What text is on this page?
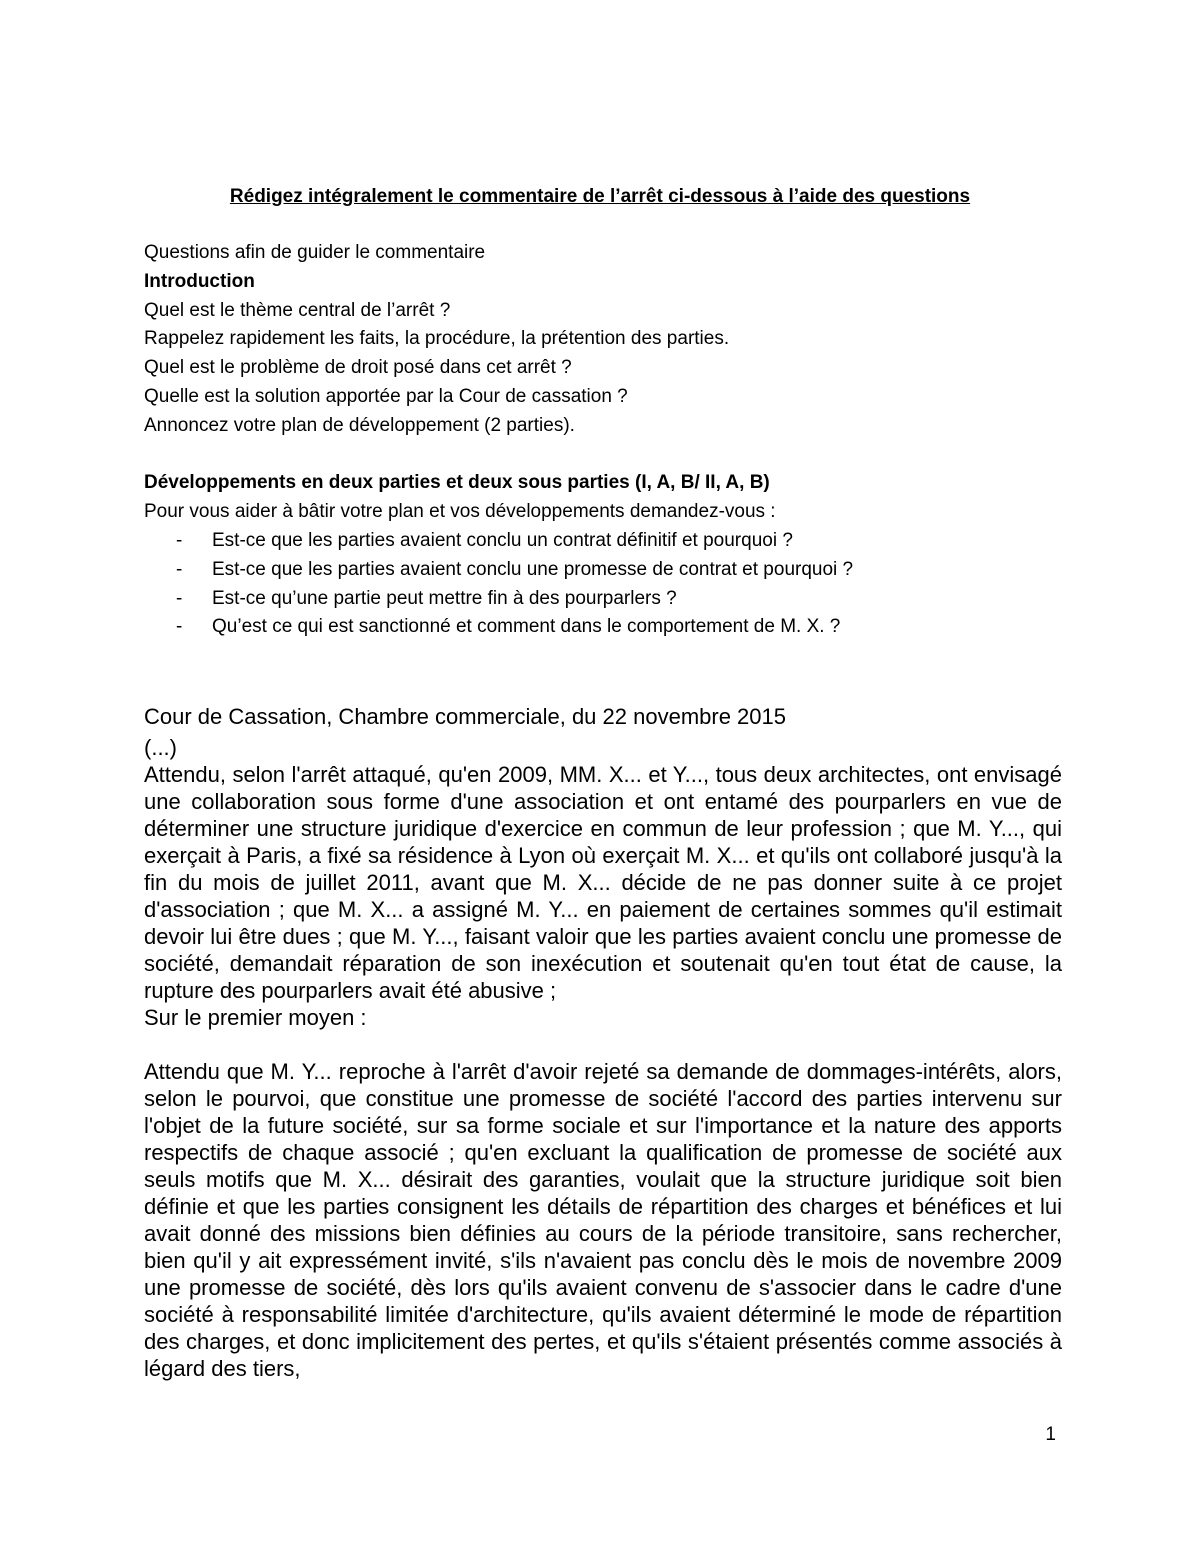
Rédigez intégralement le commentaire de l’arrêt ci-dessous à l’aide des questions
Questions afin de guider le commentaire
Introduction
Quel est le thème central de l’arrêt ?
Rappelez rapidement les faits, la procédure, la prétention des parties.
Quel est le problème de droit posé dans cet arrêt ?
Quelle est la solution apportée par la Cour de cassation ?
Annoncez votre plan de développement (2 parties).
Développements en deux parties et deux sous parties (I, A, B/ II, A, B)
Pour vous aider à bâtir votre plan et vos développements demandez-vous :
- Est-ce que les parties avaient conclu un contrat définitif et pourquoi ?
- Est-ce que les parties avaient conclu une promesse de contrat et pourquoi ?
- Est-ce qu’une partie peut mettre fin à des pourparlers ?
- Qu’est ce qui est sanctionné et comment dans le comportement de M. X. ?
Cour de Cassation, Chambre commerciale, du 22 novembre 2015
(...)
Attendu, selon l'arrêt attaqué, qu'en 2009, MM. X... et Y..., tous deux architectes, ont envisagé une collaboration sous forme d'une association et ont entamé des pourparlers en vue de déterminer une structure juridique d'exercice en commun de leur profession ; que M. Y..., qui exerçait à Paris, a fixé sa résidence à Lyon où exerçait M. X... et qu'ils ont collaboré jusqu'à la fin du mois de juillet 2011, avant que M. X... décide de ne pas donner suite à ce projet d'association ; que M. X... a assigné M. Y... en paiement de certaines sommes qu'il estimait devoir lui être dues ; que M. Y..., faisant valoir que les parties avaient conclu une promesse de société, demandait réparation de son inexécution et soutenait qu'en tout état de cause, la rupture des pourparlers avait été abusive ;
Sur le premier moyen :
Attendu que M. Y... reproche à l'arrêt d'avoir rejeté sa demande de dommages-intérêts, alors, selon le pourvoi, que constitue une promesse de société l'accord des parties intervenu sur l'objet de la future société, sur sa forme sociale et sur l'importance et la nature des apports respectifs de chaque associé ; qu'en excluant la qualification de promesse de société aux seuls motifs que M. X... désirait des garanties, voulait que la structure juridique soit bien définie et que les parties consignent les détails de répartition des charges et bénéfices et lui avait donné des missions bien définies au cours de la période transitoire, sans rechercher, bien qu'il y ait expressément invité, s'ils n'avaient pas conclu dès le mois de novembre 2009 une promesse de société, dès lors qu'ils avaient convenu de s'associer dans le cadre d'une société à responsabilité limitée d'architecture, qu'ils avaient déterminé le mode de répartition des charges, et donc implicitement des pertes, et qu'ils s'étaient présentés comme associés à légard des tiers,
1
